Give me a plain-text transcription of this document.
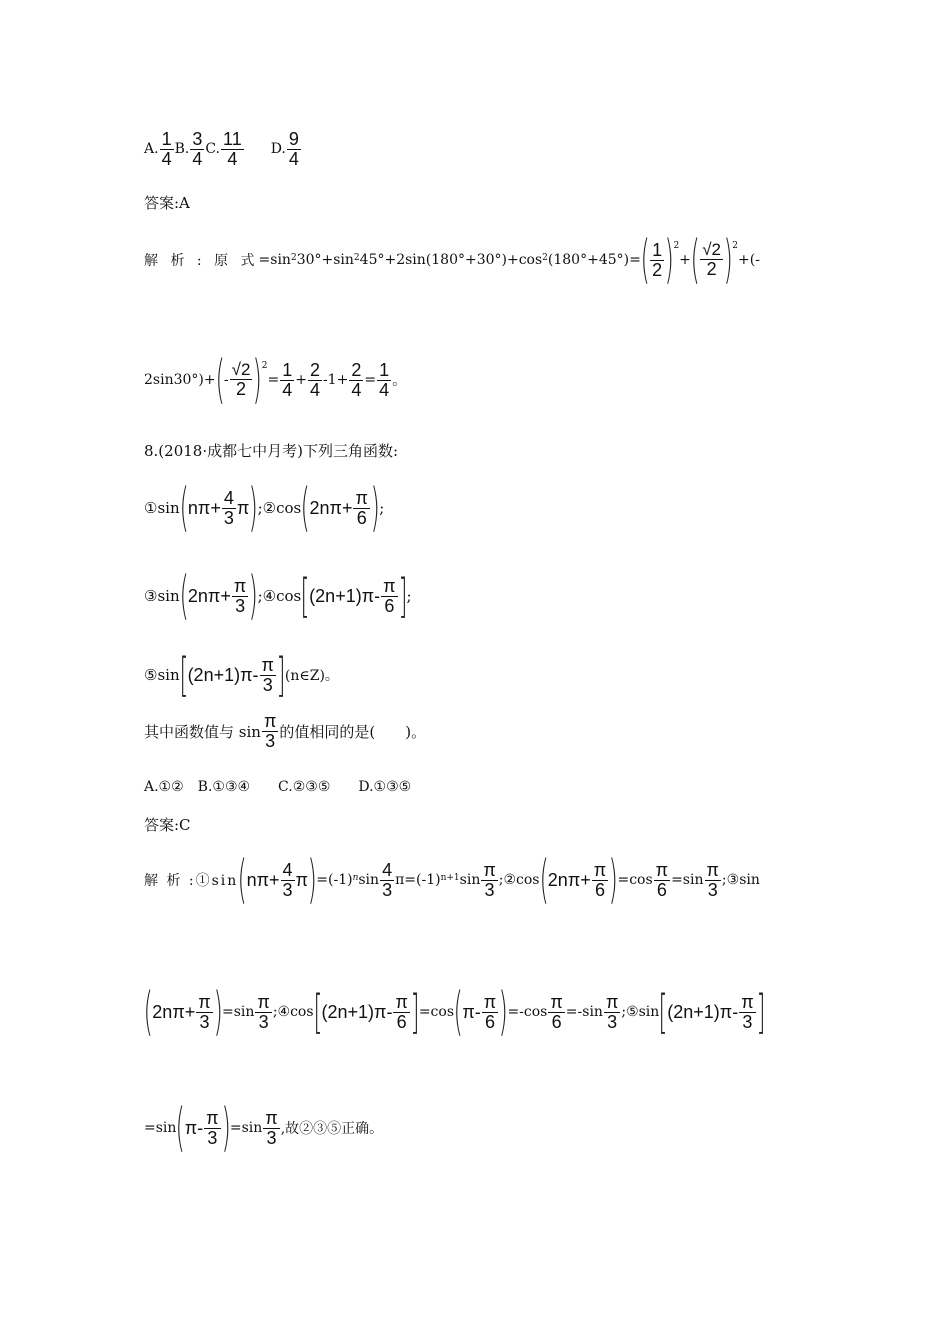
A. $\frac{1}{4} B$. $\frac{3}{4} C$. $\frac{11}{4} D$. $\frac{9}{4}$
答案:A
解 析 : 原 式 $=\sin^2$ $30^\circ+\sin^2$ $45^\circ+2\sin(180^\circ+30^\circ)+\cos^2$ (180°+45°)= ( $\frac{1}{2} )^2$
+ ( $\frac{√2}{2} )^2$
+(-
2sin30°)+ ( - $\frac{√2}{2} )^2$
= $\frac{1}{4} + \frac{2}{4} -1+ \frac{2}{4} = \frac{1}{4}$ 。
8.(2018·成都七中月考)下列三角函数:
①sin ( $n\pi+ \frac{4}{3}$ π ) ;②cos ( $2n\pi+ \frac{\pi}{6}$ ) ;
③sin ( $2n\pi+ \frac{\pi}{3}$ ) ;④cos [ $(2n+1)\pi- \frac{\pi}{6}$ ] ;
⑤sin [ $(2n+1)\pi- \frac{\pi}{3}$ ] (n∈Z)。
其中函数值与 $\sin \frac{\pi}{3}$ 的值相同的是(　　)。
A.①②　B.①③④　　C.②③⑤　　D.①③⑤
答案:C
解 析 :①sin ( $n\pi+ \frac{4}{3}$ π ) $=(-1)^n$ $\sin \frac{4}{3} \pi=(-1)^{n+1}$ $\sin \frac{\pi}{3}$ ;②cos ( $2n\pi+ \frac{\pi}{6}$ ) $=\cos \frac{\pi}{6} =\sin \frac{\pi}{3}$ ;③sin
( $2n\pi+ \frac{\pi}{3}$ ) $=\sin \frac{\pi}{3}$ ;④cos [ $(2n+1)\pi- \frac{\pi}{6}$ ] =cos ( π - $\frac{\pi}{6}$ ) $=-\cos \frac{\pi}{6} =-\sin \frac{\pi}{3}$ ;⑤sin [ $(2n+1)\pi- \frac{\pi}{3}$ ]
=sin ( π - $\frac{\pi}{3}$ ) $=\sin \frac{\pi}{3}$ ,故②③⑤正确。
